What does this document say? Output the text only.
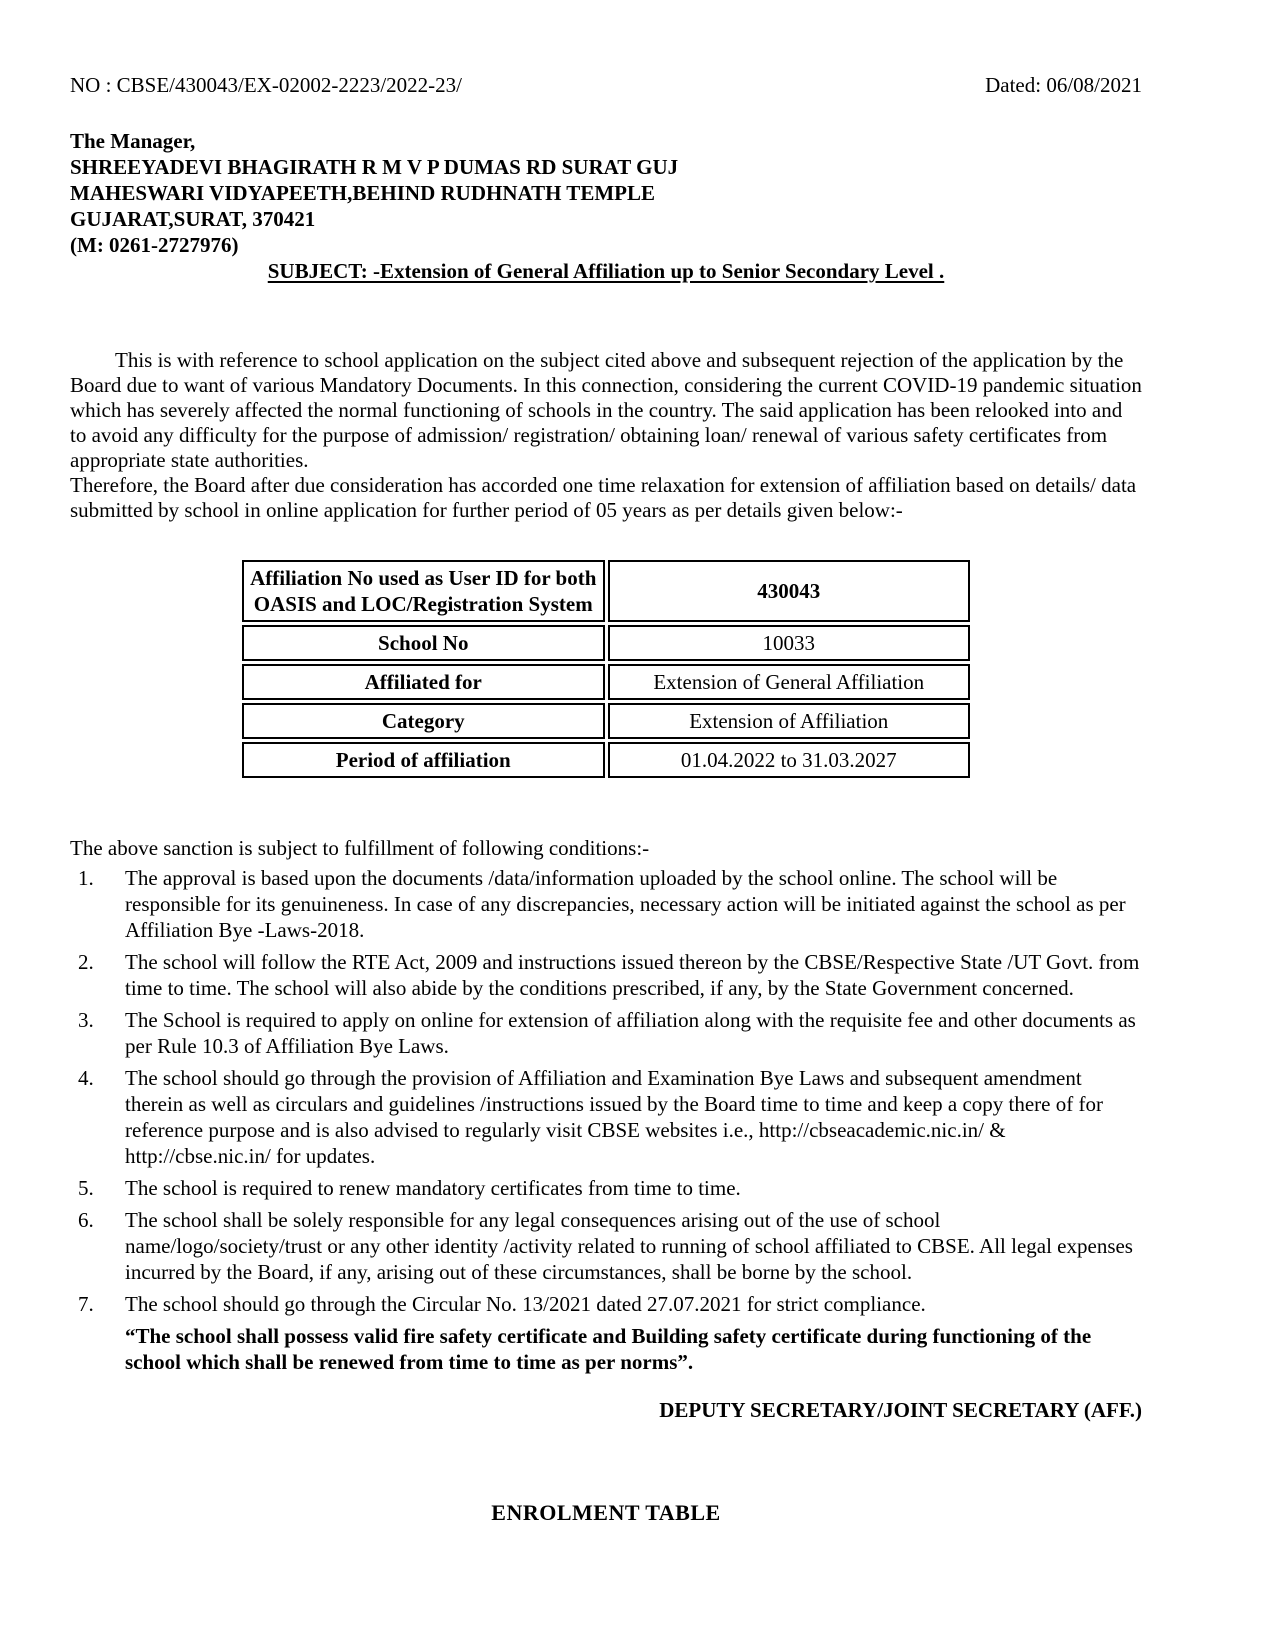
NO : CBSE/430043/EX-02002-2223/2022-23/	Dated: 06/08/2021
The Manager,
SHREEYADEVI BHAGIRATH R M V P DUMAS RD SURAT GUJ
MAHESWARI VIDYAPEETH,BEHIND RUDHNATH TEMPLE
GUJARAT,SURAT, 370421
(M: 0261-2727976)
SUBJECT: -Extension of General Affiliation up to Senior Secondary Level .

This is with reference to school application on the subject cited above and subsequent rejection of the application by the Board due to want of various Mandatory Documents. In this connection, considering the current COVID-19 pandemic situation which has severely affected the normal functioning of schools in the country. The said application has been relooked into and to avoid any difficulty for the purpose of admission/ registration/ obtaining loan/ renewal of various safety certificates from appropriate state authorities.

Therefore, the Board after due consideration has accorded one time relaxation for extension of affiliation based on details/ data submitted by school in online application for further period of 05 years as per details given below:-

Affiliation No used as User ID for both OASIS and LOC/Registration System	430043
School No	10033
Affiliated for	Extension of General Affiliation
Category	Extension of Affiliation
Period of affiliation	01.04.2022 to 31.03.2027

The above sanction is subject to fulfillment of following conditions:-

1.	The approval is based upon the documents /data/information uploaded by the school online. The school will be responsible for its genuineness. In case of any discrepancies, necessary action will be initiated against the school as per Affiliation Bye -Laws-2018.
2.	The school will follow the RTE Act, 2009 and instructions issued thereon by the CBSE/Respective State /UT Govt. from time to time. The school will also abide by the conditions prescribed, if any, by the State Government concerned.
3.	The School is required to apply on online for extension of affiliation along with the requisite fee and other documents as per Rule 10.3 of Affiliation Bye Laws.
4.	The school should go through the provision of Affiliation and Examination Bye Laws and subsequent amendment therein as well as circulars and guidelines /instructions issued by the Board time to time and keep a copy there of for reference purpose and is also advised to regularly visit CBSE websites i.e., http://cbseacademic.nic.in/ & http://cbse.nic.in/ for updates.
5.	The school is required to renew mandatory certificates from time to time.
6.	The school shall be solely responsible for any legal consequences arising out of the use of school name/logo/society/trust or any other identity /activity related to running of school affiliated to CBSE. All legal expenses incurred by the Board, if any, arising out of these circumstances, shall be borne by the school.
7.	The school should go through the Circular No. 13/2021 dated 27.07.2021 for strict compliance.
“The school shall possess valid fire safety certificate and Building safety certificate during functioning of the school which shall be renewed from time to time as per norms”.
DEPUTY SECRETARY/JOINT SECRETARY (AFF.)
ENROLMENT TABLE
